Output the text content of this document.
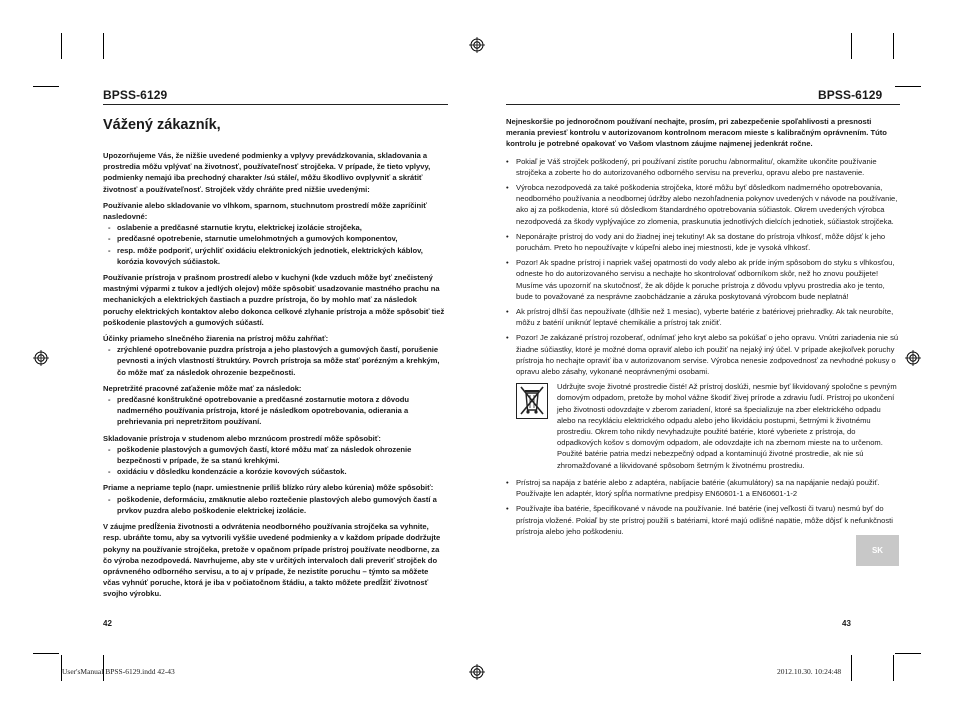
BPSS-6129	BPSS-6129
Vážený zákazník,

Upozorňujeme Vás, že nižšie uvedené podmienky a vplyvy prevádzkovania, skladovania a prostredia môžu vplývať na životnosť, používateľnosť strojčeka. V prípade, že tieto vplyvy, podmienky nemajú iba prechodný charakter /sú stále/, môžu škodlivo ovplyvniť a skrátiť životnosť a používateľnosť. Strojček vždy chráňte pred nižšie uvedenými:

Používanie alebo skladovanie vo vlhkom, sparnom, stuchnutom prostredí môže zapríčiniť nasledovné:

- oslabenie a predčasné starnutie krytu, elektrickej izolácie strojčeka,
- predčasné opotrebenie, starnutie umelohmotných a gumových komponentov,
- resp. môže podporiť, urýchliť oxidáciu elektronických jednotiek, elektrických káblov, korózia kovových súčiastok.

Používanie prístroja v prašnom prostredí alebo v kuchyni (kde vzduch môže byť znečistený mastnými výparmi z tukov a jedlých olejov) môže spôsobiť usadzovanie mastného prachu na mechanických a elektrických častiach a puzdre prístroja, čo by mohlo mať za následok poruchy elektrických kontaktov alebo dokonca celkové zlyhanie prístroja a môže spôsobiť tiež poškodenie plastových a gumových súčastí.

Účinky priameho slnečného žiarenia na prístroj môžu zahŕňať:

- zrýchlené opotrebovanie puzdra prístroja a jeho plastových a gumových častí, porušenie pevnosti a iných vlastností štruktúry. Povrch prístroja sa môže stať porézným a krehkým, čo môže mať za následok ohrozenie bezpečnosti.

Nepretržité pracovné zaťaženie môže mať za následok:

- predčasné konštrukčné opotrebovanie a predčasné zostarnutie motora z dôvodu nadmerného používania prístroja, ktoré je následkom opotrebovania, odierania a prehrievania pri nepretržitom používaní.

Skladovanie prístroja v studenom alebo mrznúcom prostredí môže spôsobiť:

- poškodenie plastových a gumových častí, ktoré môžu mať za následok ohrozenie bezpečnosti v prípade, že sa stanú krehkými.
- oxidáciu v dôsledku kondenzácie a korózie kovových súčastok.

Priame a nepriame teplo (napr. umiestnenie príliš blízko rúry alebo kúrenia) môže spôsobiť:

- poškodenie, deformáciu, zmäknutie alebo roztečenie plastových alebo gumových častí a prvkov puzdra alebo poškodenie elektrickej izolácie.

V záujme predĺženia životnosti a odvrátenia neodborného používania strojčeka sa vyhnite, resp. ubráňte tomu, aby sa vytvorili vyššie uvedené podmienky a v každom prípade dodržujte pokyny na používanie strojčeka, pretože v opačnom prípade prístroj používate neodborne, za čo výroba nezodpovedá. Navrhujeme, aby ste v určitých intervaloch dali preveriť strojček do oprávneného odborného servisu, a to aj v prípade, že nezistíte poruchu – týmto sa môžete včas vyhnúť poruche, ktorá je iba v počiatočnom štádiu, a takto môžete predĺžiť životnosť svojho výrobku.

42

Nejneskoršie po jednoročnom používaní nechajte, prosím, pri zabezpečenie spoľahlivosti a presnosti merania previesť kontrolu v autorizovanom kontrolnom meracom mieste s kalibračným oprávnením. Túto kontrolu je potrebné opakovať vo Vašom vlastnom záujme najmenej jedenkrát ročne.

• Pokiaľ je Váš strojček poškodený, pri používaní zistíte poruchu /abnormalitu/, okamžite ukončite používanie strojčeka a zoberte ho do autorizovaného odborného servisu na preverku, opravu alebo pre nastavenie.
• Výrobca nezodpovedá za také poškodenia strojčeka, ktoré môžu byť dôsledkom nadmerného opotrebovania, neodborného používania a neodbornej údržby alebo nezohľadnenia pokynov uvedených v návode na používanie, ako aj za poškodenia, ktoré sú dôsledkom štandardného opotrebovania súčiastok. Okrem uvedených výrobca nezodpovedá za škody vyplývajúce zo zlomenia, praskunutia jednotlivých dielcích jednotiek, súčiastok strojčeka.
• Neponárajte prístroj do vody ani do žiadnej inej tekutiny! Ak sa dostane do prístroja vlhkosť, môže dôjsť k jeho poruchám. Preto ho nepoužívajte v kúpeľni alebo inej miestnosti, kde je vysoká vlhkosť.
• Pozor! Ak spadne prístroj i napriek vašej opatrnosti do vody alebo ak príde iným spôsobom do styku s vlhkosťou, odneste ho do autorizovaného servisu a nechajte ho skontrolovať odborníkom skôr, než ho znovu použijete! Musíme vás upozorniť na skutočnosť, že ak dôjde k poruche prístroja z dôvodu vplyvu prostredia ako je tento, bude to považované za nesprávne zaobchádzanie a záruka poskytovaná výrobcom bude neplatná!
• Ak prístroj dlhší čas nepoužívate (dlhšie než 1 mesiac), vyberte batérie z batériovej priehradky. Ak tak neurobíte, môžu z batérií uniknúť leptavé chemikálie a prístroj tak zničiť.
• Pozor! Je zakázané prístroj rozoberať, odnímať jeho kryt alebo sa pokúšať o jeho opravu. Vnútri zariadenia nie sú žiadne súčiastky, ktoré je možné doma opraviť alebo ich použiť na nejaký iný účel. V prípade akejkoľvek poruchy prístroja ho nechajte opraviť iba v autorizovanom servise. Výrobca nenesie zodpovednosť za nevhodné pokusy o opravu alebo zásahy, vykonané neoprávnenými osobami.
Udržujte svoje životné prostredie čisté! Až prístroj doslúži, nesmie byť likvidovaný spoločne s pevným domovým odpadom, pretože by mohol vážne škodiť živej prírode a zdraviu ľudí. Prístroj po ukončení jeho životnosti odovzdajte v zberom zariadení, ktoré sa špecializuje na zber elektrického odpadu alebo na recykláciu elektrického odpadu alebo jeho likvidáciu postupmi, šetrnými k životnému prostrediu. Okrem toho nikdy nevyhadzujte použité batérie, ktoré vyberiete z prístroja, do odpadkových košov s domovým odpadom, ale odovzdajte ich na zbernom mieste na to určenom. Použité batérie patria medzi nebezpečný odpad a kontaminujú životné prostredie, ak nie sú zhromažďované a likvidované spôsobom šetrným k životnému prostrediu.
• Prístroj sa napája z batérie alebo z adaptéra, nabíjacie batérie (akumulátory) sa na napájanie nedajú použiť. Používajte len adaptér, ktorý spĺňa normatívne predpisy EN60601-1 a EN60601-1-2
• Používajte iba batérie, špecifikované v návode na používanie. Iné batérie (inej veľkosti či tvaru) nesmú byť do prístroja vložené. Pokiaľ by ste prístroj použili s batériami, ktoré majú odlišné napätie, môže dôjsť k nefunkčnosti prístroja alebo jeho poškodeniu.
SK
43
User'sManual BPSS-6129.indd 42-43	2012.10.30. 10:24:48
